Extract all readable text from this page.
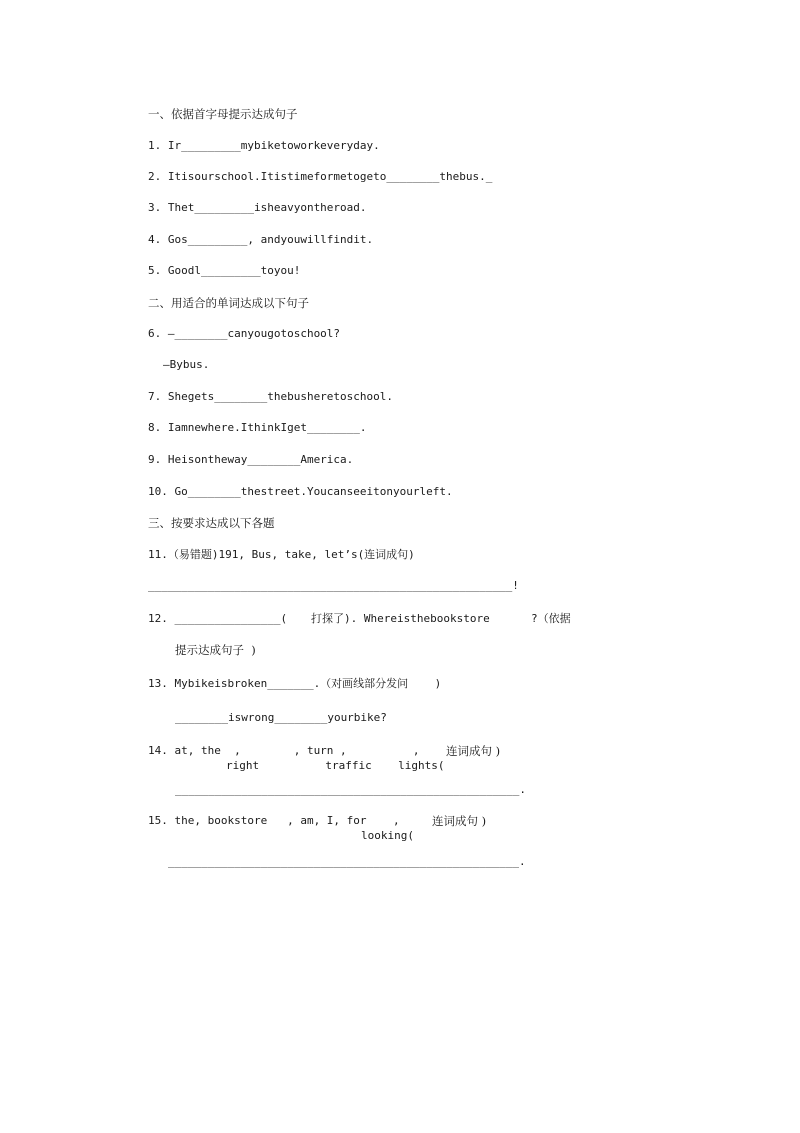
一、依据首字母提示达成句子
1. Ir_________mybiketoworkeveryday.
2. Itisourschool.Itistimeformetogeto________thebus._
3. Thet_________isheavyontheroad.
4. Gos_________, andyouwillfindit.
5. Goodl_________toyou!
二、用适合的单词达成以下句子
6. —________canyougotoschool?
—Bybus.
7. Shegets________thebusheretoschool.
8. Iamnewhere.IthinkIget________.
9. Heisontheway________America.
10. Go________thestreet.Youcanseeitonyourleft.
三、按要求达成以下各题
11.（易错题)191, Bus, take, let’s(连词成句)
_______________________________________________________!
12. ________________( 打探了). Whereisthebookstore	?（依据
提示达成句子  )
13. Mybikeisbroken_______.（对画线部分发问    )
________iswrong________yourbike?
14. at, the  ,        , turn ,          , 连词成句 )
right          traffic    lights(
____________________________________________________.
15. the, bookstore   , am, I, for    ,	连词成句 )
looking(
_____________________________________________________.
